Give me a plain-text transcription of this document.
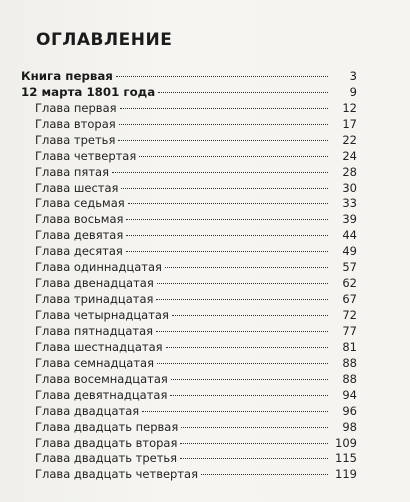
ОГЛАВЛЕНИЕ
Книга первая	3
12 марта 1801 года	9
Глава первая	12
Глава вторая	17
Глава третья	22
Глава четвертая	24
Глава пятая	28
Глава шестая	30
Глава седьмая	33
Глава восьмая	39
Глава девятая	44
Глава десятая	49
Глава одиннадцатая	57
Глава двенадцатая	62
Глава тринадцатая	67
Глава четырнадцатая	72
Глава пятнадцатая	77
Глава шестнадцатая	81
Глава семнадцатая	88
Глава восемнадцатая	88
Глава девятнадцатая	94
Глава двадцатая	96
Глава двадцать первая	98
Глава двадцать вторая	109
Глава двадцать третья	115
Глава двадцать четвертая	119
